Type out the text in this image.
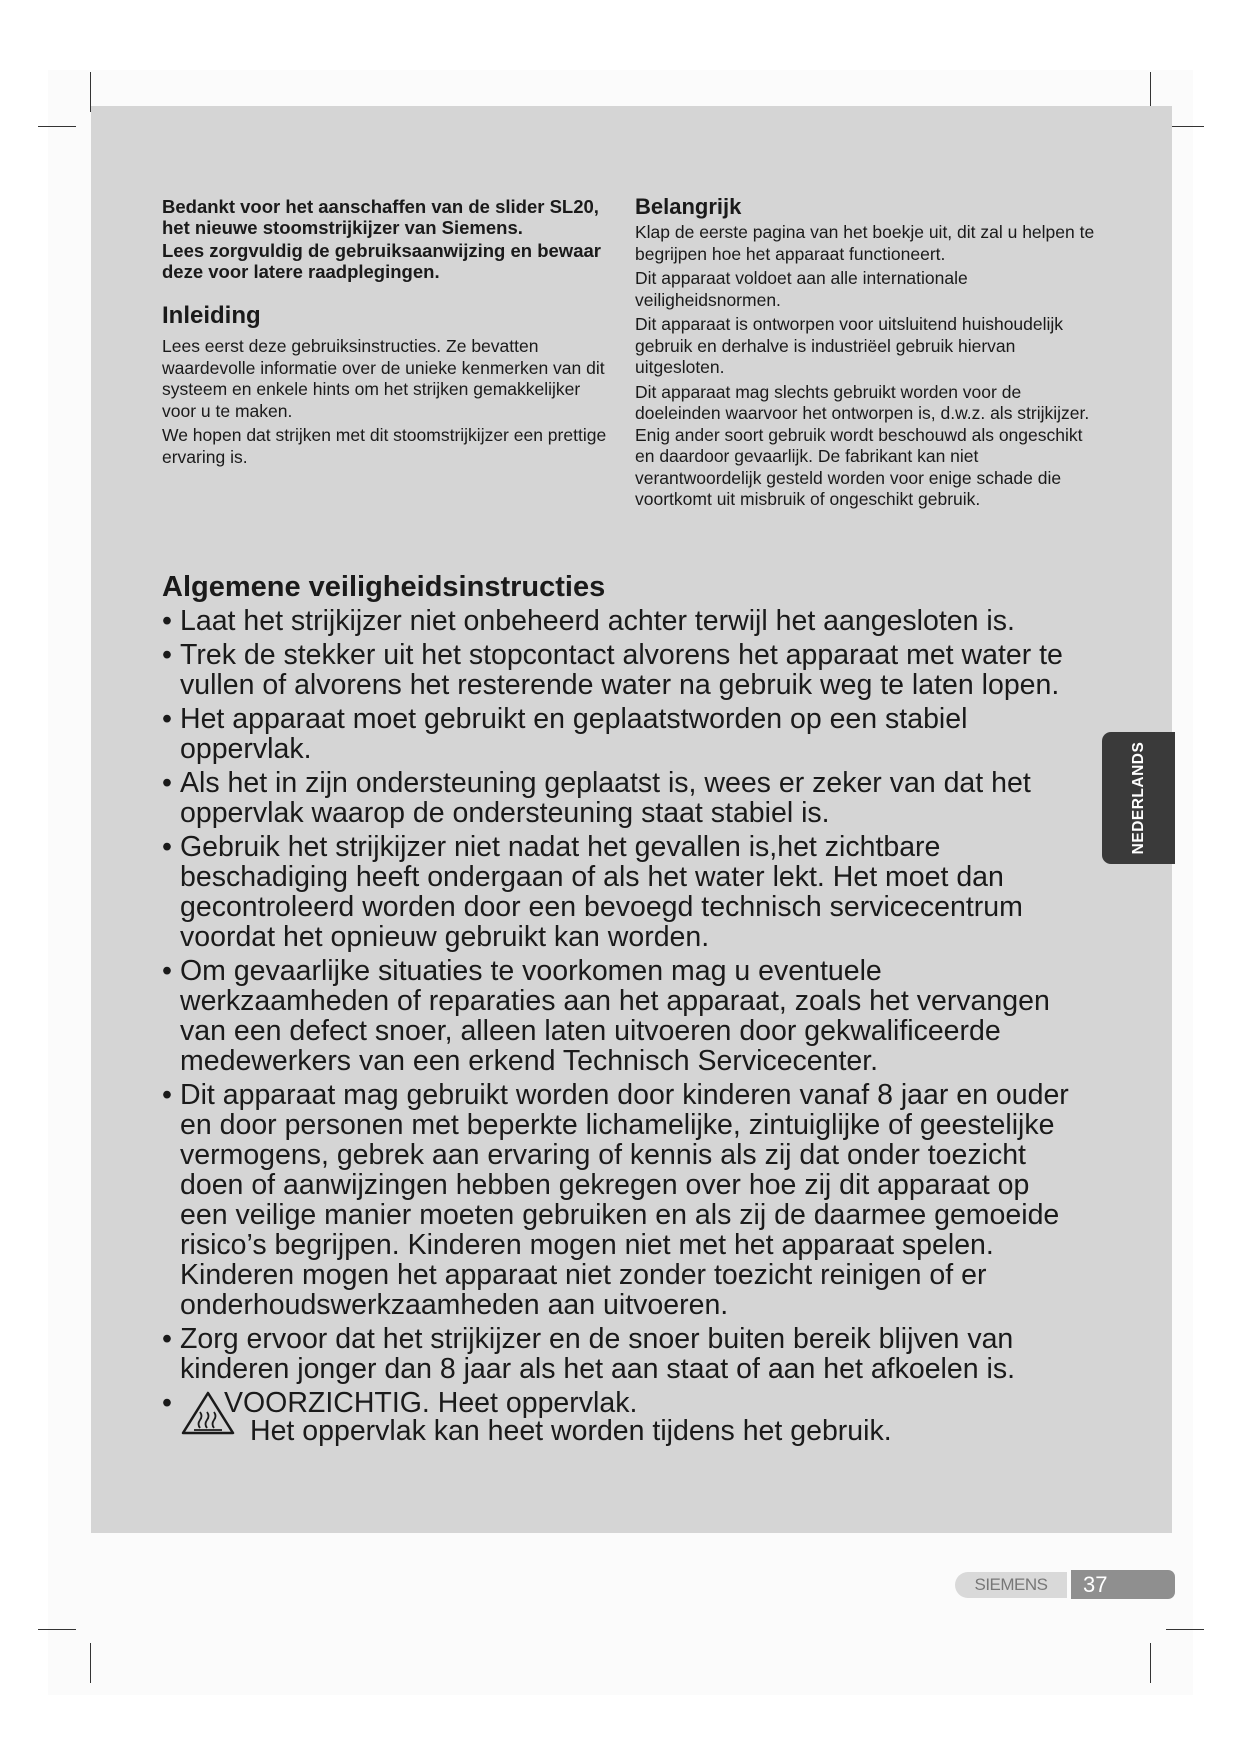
Bedankt voor het aanschaffen van de slider SL20, het nieuwe stoomstrijkijzer van Siemens.

Lees zorgvuldig de gebruiksaanwijzing en bewaar deze voor latere raadplegingen.

Inleiding

Lees eerst deze gebruiksinstructies. Ze bevatten waardevolle informatie over de unieke kenmerken van dit systeem en enkele hints om het strijken gemakkelijker voor u te maken.

We hopen dat strijken met dit stoomstrijkijzer een prettige ervaring is.

Belangrijk

Klap de eerste pagina van het boekje uit, dit zal u helpen te begrijpen hoe het apparaat functioneert.

Dit apparaat voldoet aan alle internationale veiligheidsnormen.

Dit apparaat is ontworpen voor uitsluitend huishoudelijk gebruik en derhalve is industriëel gebruik hiervan uitgesloten.

Dit apparaat mag slechts gebruikt worden voor de doeleinden waarvoor het ontworpen is, d.w.z. als strijkijzer. Enig ander soort gebruik wordt beschouwd als ongeschikt en daardoor gevaarlijk. De fabrikant kan niet verantwoordelijk gesteld worden voor enige schade die voortkomt uit misbruik of ongeschikt gebruik.

Algemene veiligheidsinstructies
• Laat het strijkijzer niet onbeheerd achter terwijl het aangesloten is.
• Trek de stekker uit het stopcontact alvorens het apparaat met water te vullen of alvorens het resterende water na gebruik weg te laten lopen.
• Het apparaat moet gebruikt en geplaatstworden op een stabiel oppervlak.
• Als het in zijn ondersteuning geplaatst is, wees er zeker van dat het oppervlak waarop de ondersteuning staat stabiel is.
• Gebruik het strijkijzer niet nadat het gevallen is,het zichtbare beschadiging heeft ondergaan of als het water lekt. Het moet dan gecontroleerd worden door een bevoegd technisch servicecentrum voordat het opnieuw gebruikt kan worden.
• Om gevaarlijke situaties te voorkomen mag u eventuele werkzaamheden of reparaties aan het apparaat, zoals het vervangen van een defect snoer, alleen laten uitvoeren door gekwalificeerde medewerkers van een erkend Technisch Servicecenter.
• Dit apparaat mag gebruikt worden door kinderen vanaf 8 jaar en ouder en door personen met beperkte lichamelijke, zintuiglijke of geestelijke vermogens, gebrek aan ervaring of kennis als zij dat onder toezicht doen of aanwijzingen hebben gekregen over hoe zij dit apparaat op een veilige manier moeten gebruiken en als zij de daarmee gemoeide risico’s begrijpen. Kinderen mogen niet met het apparaat spelen. Kinderen mogen het apparaat niet zonder toezicht reinigen of er onderhoudswerkzaamheden aan uitvoeren.
• Zorg ervoor dat het strijkijzer en de snoer buiten bereik blijven van kinderen jonger dan 8 jaar als het aan staat of aan het afkoelen is.
• VOORZICHTIG. Heet oppervlak.
Het oppervlak kan heet worden tijdens het gebruik.
NEDERLANDS
SIEMENS	37
